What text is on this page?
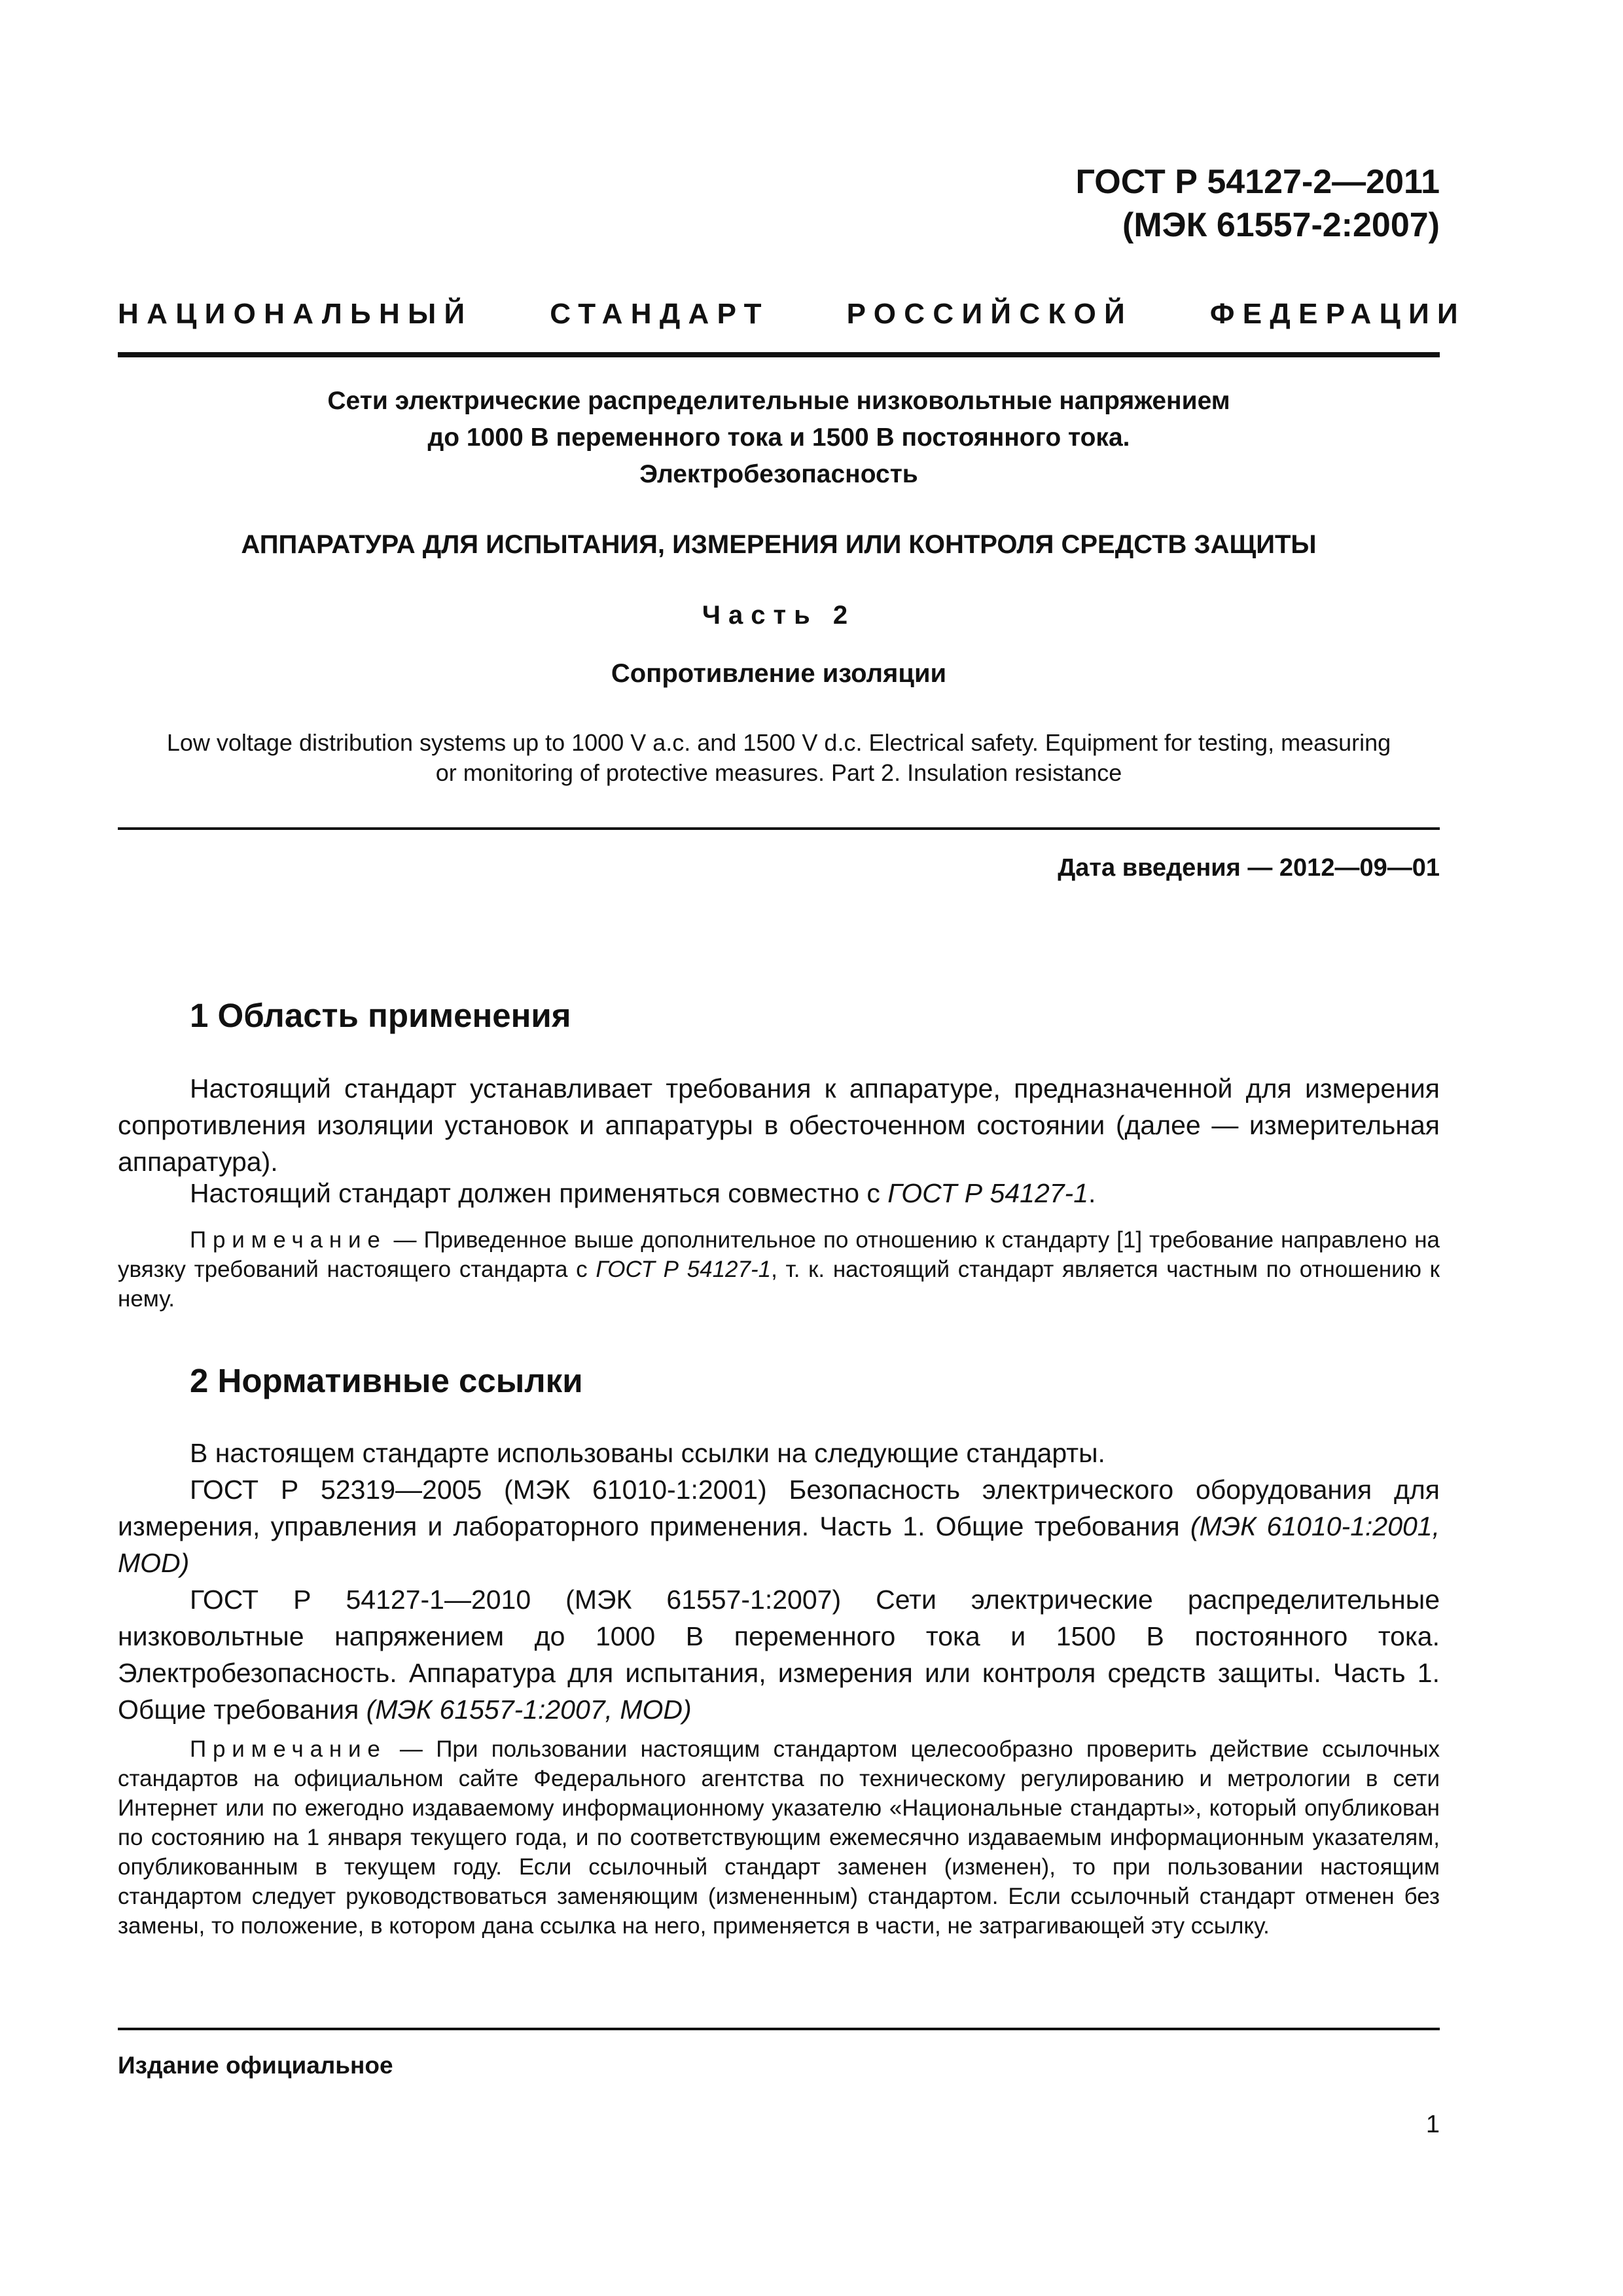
ГОСТ Р 54127-2—2011
(МЭК 61557-2:2007)
НАЦИОНАЛЬНЫЙ СТАНДАРТ РОССИЙСКОЙ ФЕДЕРАЦИИ
Сети электрические распределительные низковольтные напряжением
до 1000 В переменного тока и 1500 В постоянного тока.
Электробезопасность
АППАРАТУРА ДЛЯ ИСПЫТАНИЯ, ИЗМЕРЕНИЯ ИЛИ КОНТРОЛЯ СРЕДСТВ ЗАЩИТЫ
Часть 2
Сопротивление изоляции
Low voltage distribution systems up to 1000 V a.c. and 1500 V d.c. Electrical safety. Equipment for testing, measuring
or monitoring of protective measures. Part 2. Insulation resistance
Дата введения — 2012—09—01
1 Область применения
Настоящий стандарт устанавливает требования к аппаратуре, предназначенной для измерения сопротивления изоляции установок и аппаратуры в обесточенном состоянии (далее — измерительная аппаратура).
Настоящий стандарт должен применяться совместно с ГОСТ Р 54127-1.
Примечание — Приведенное выше дополнительное по отношению к стандарту [1] требование направлено на увязку требований настоящего стандарта с ГОСТ Р 54127-1, т. к. настоящий стандарт является частным по отношению к нему.
2 Нормативные ссылки
В настоящем стандарте использованы ссылки на следующие стандарты.
ГОСТ Р 52319—2005 (МЭК 61010-1:2001) Безопасность электрического оборудования для измерения, управления и лабораторного применения. Часть 1. Общие требования (МЭК 61010-1:2001, MOD)
ГОСТ Р 54127-1—2010 (МЭК 61557-1:2007) Сети электрические распределительные низковольтные напряжением до 1000 В переменного тока и 1500 В постоянного тока. Электробезопасность. Аппаратура для испытания, измерения или контроля средств защиты. Часть 1. Общие требования (МЭК 61557-1:2007, MOD)
Примечание — При пользовании настоящим стандартом целесообразно проверить действие ссылочных стандартов на официальном сайте Федерального агентства по техническому регулированию и метрологии в сети Интернет или по ежегодно издаваемому информационному указателю «Национальные стандарты», который опубликован по состоянию на 1 января текущего года, и по соответствующим ежемесячно издаваемым информационным указателям, опубликованным в текущем году. Если ссылочный стандарт заменен (изменен), то при пользовании настоящим стандартом следует руководствоваться заменяющим (измененным) стандартом. Если ссылочный стандарт отменен без замены, то положение, в котором дана ссылка на него, применяется в части, не затрагивающей эту ссылку.
Издание официальное
1
